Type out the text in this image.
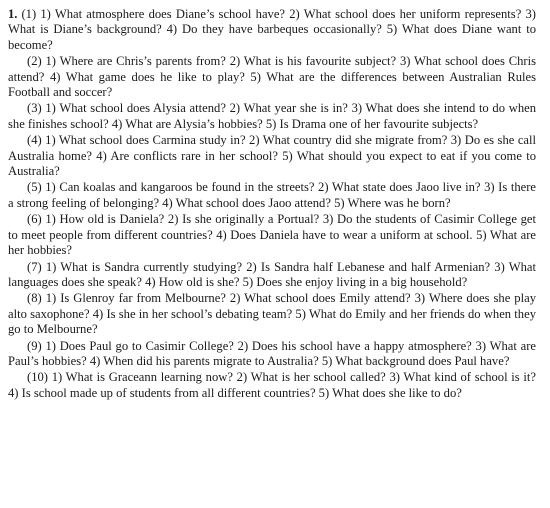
1. (1) 1) What atmosphere does Diane’s school have? 2) What school does her uniform represents? 3) What is Diane’s background? 4) Do they have barbeques occasionally? 5) What does Diane want to become?

(2) 1) Where are Chris’s parents from? 2) What is his favourite subject? 3) What school does Chris attend? 4) What game does he like to play? 5) What are the differences between Australian Rules Football and soccer?

(3) 1) What school does Alysia attend? 2) What year she is in? 3) What does she intend to do when she finishes school? 4) What are Alysia’s hobbies? 5) Is Drama one of her favourite subjects?

(4) 1) What school does Carmina study in? 2) What country did she migrate from? 3) Do es she call Australia home? 4) Are conflicts rare in her school? 5) What should you expect to eat if you come to Australia?

(5) 1) Can koalas and kangaroos be found in the streets? 2) What state does Jaoo live in? 3) Is there a strong feeling of belonging? 4) What school does Jaoo attend? 5) Where was he born?

(6) 1) How old is Daniela? 2) Is she originally a Portual? 3) Do the students of Casimir College get to meet people from different countries? 4) Does Daniela have to wear a uniform at school. 5) What are her hobbies?

(7) 1) What is Sandra currently studying? 2) Is Sandra half Lebanese and half Armenian? 3) What languages does she speak? 4) How old is she? 5) Does she enjoy living in a big household?

(8) 1) Is Glenroy far from Melbourne? 2) What school does Emily attend? 3) Where does she play alto saxophone? 4) Is she in her school’s debating team? 5) What do Emily and her friends do when they go to Melbourne?

(9) 1) Does Paul go to Casimir College? 2) Does his school have a happy atmosphere? 3) What are Paul’s hobbies? 4) When did his parents migrate to Australia? 5) What background does Paul have?

(10) 1) What is Graceann learning now? 2) What is her school called? 3) What kind of school is it? 4) Is school made up of students from all different countries? 5) What does she like to do?
